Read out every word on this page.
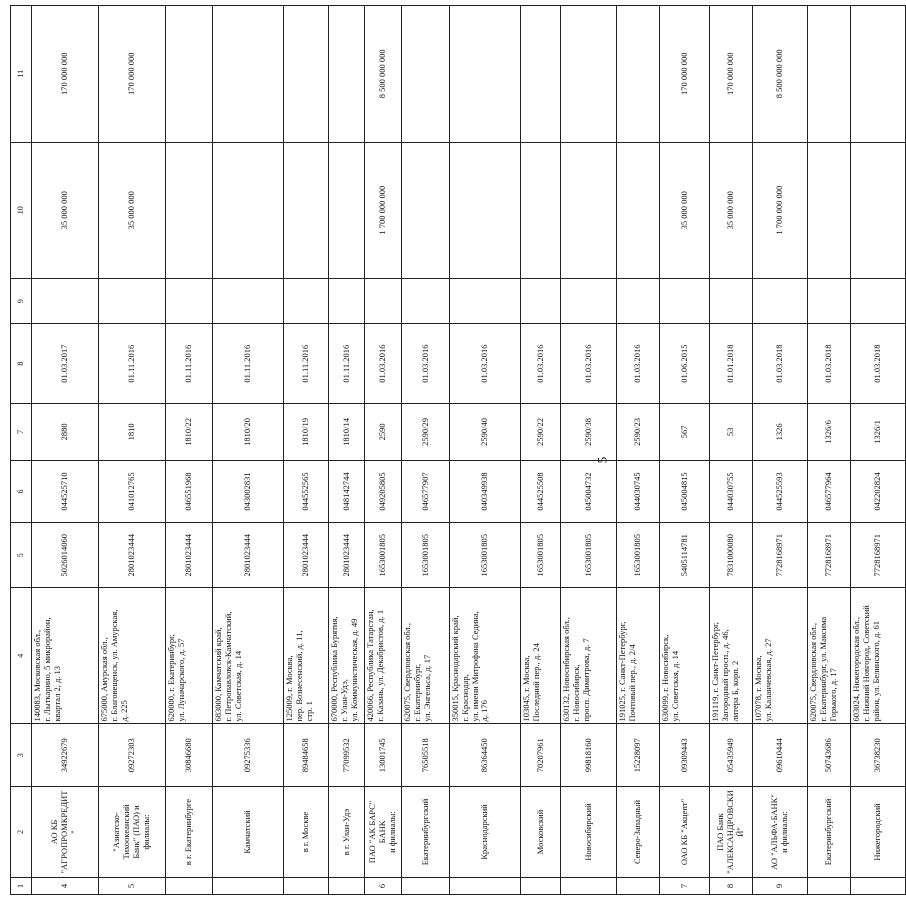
5
1	2	3	4	5	6	7	8	9	10	11
4	АО КБ
"АГРОПРОМКРЕДИТ"	34922679	140083, Московская обл.,
г. Лыткарино, 5 микрорайон,
квартал 2, д. 13	5026014060	044525710	2880	01.03.2017		35 000 000	170 000 000
5	"Азиатско-Тихоокеанский
Банк" (ПАО) и филиалы:	09272303	675000, Амурская обл.,
г. Благовещенск, ул. Амурская,
д. 225	2801023444	041012765	1810	01.11.2016		35 000 000	170 000 000
	в г. Екатеринбурге	30846680	620000, г. Екатеринбург,
ул. Луначарского, д. 57	2801023444	046551968	1810/22	01.11.2016			
	Камчатский	09275336	683000, Камчатский край,
г. Петропавловск-Камчатский,
ул. Советская, д. 14	2801023444	043002831	1810/20	01.11.2016			
	в г. Москве	89484658	125009, г. Москва,
пер. Вознесенский, д. 11,
стр. 1	2801023444	044552565	1810/19	01.11.2016			
	в г. Улан-Удэ	77099532	670000, Республика Бурятия,
г. Улан-Удэ,
ул. Коммунистическая, д. 49	2801023444	048142744	1810/14	01.11.2016			
6	ПАО "АК БАРС" БАНК
и филиалы:	13001745	420066, Республика Татарстан,
г. Казань, ул. Декабристов, д. 1	1653001805	049205805	2590	01.03.2016		1 700 000 000	8 500 000 000
	Екатеринбургский	76505518	620075, Свердловская обл.,
г. Екатеринбург,
ул. Энгельса, д. 17	1653001805	046577907	2590/29	01.03.2016			
	Краснодарский	86364450	350015, Краснодарский край,
г. Краснодар,
ул. имени Митрофана Седина,
д. 176	1653001805	040349938	2590/40	01.03.2016			
	Московский	70207961	103045, г. Москва,
Последний пер., д. 24	1653001805	044525508	2590/22	01.03.2016			
	Новосибирский	99818160	630132, Новосибирская обл.,
г. Новосибирск,
просп. Димитрова, д. 7	1653001805	045004732	2590/38	01.03.2016			
	Северо-Западный	15228097	191025, г. Санкт-Петербург,
Почтовый пер., д. 2/4	1653001805	044030745	2590/23	01.03.2016			
7	ОАО КБ "Акцепт"	09309443	630099, г. Новосибирск,
ул. Советская, д. 14	5405114781	045004815	567	01.06.2015		35 000 000	170 000 000
8	ПАО Банк
"АЛЕКСАНДРОВСКИЙ"	05435949	191119, г. Санкт-Петербург,
Загородный просп., д. 46,
литера Б, корп. 2	7831000080	044030755	53	01.01.2018		35 000 000	170 000 000
9	АО "АЛЬФА-БАНК"
и филиалы:	09610444	107078, г. Москва,
ул. Каланчевская, д. 27	7728168971	044525593	1326	01.03.2018		1 700 000 000	8 500 000 000
	Екатеринбургский	50743686	620075, Свердловская обл.,
г. Екатеринбург, ул. Максима
Горького, д. 17	7728168971	046577964	1326/6	01.03.2018			
	Нижегородский	36738230	603024, Нижегородская обл.,
г. Нижний Новгород, Советский
район, ул. Белинского, д. 61	7728168971	042202824	1326/1	01.03.2018			
